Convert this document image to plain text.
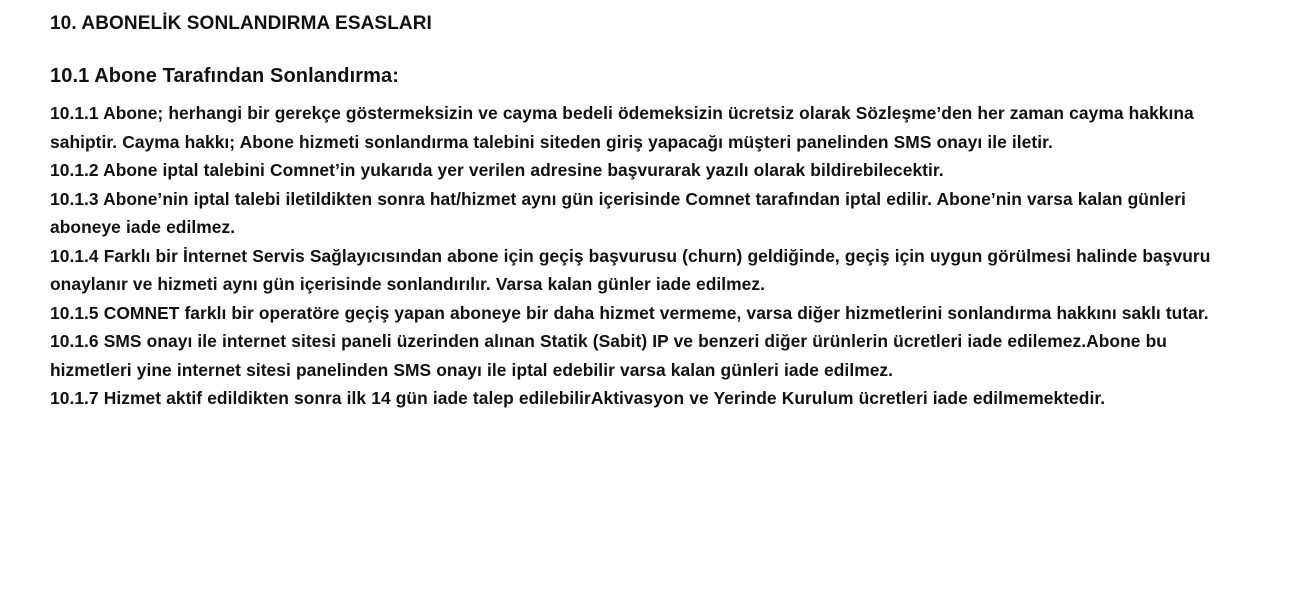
10. ABONELİK SONLANDIRMA ESASLARI
10.1 Abone Tarafından Sonlandırma:

10.1.1 Abone; herhangi bir gerekçe göstermeksizin ve cayma bedeli ödemeksizin ücretsiz olarak Sözleşme’den her zaman cayma hakkına sahiptir. Cayma hakkı; Abone hizmeti sonlandırma talebini siteden giriş yapacağı müşteri panelinden SMS onayı ile iletir.

10.1.2 Abone iptal talebini Comnet’in yukarıda yer verilen adresine başvurarak yazılı olarak bildirebilecektir.

10.1.3 Abone’nin iptal talebi iletildikten sonra hat/hizmet aynı gün içerisinde Comnet tarafından iptal edilir. Abone’nin varsa kalan günleri aboneye iade edilmez.

10.1.4 Farklı bir İnternet Servis Sağlayıcısından abone için geçiş başvurusu (churn) geldiğinde, geçiş için uygun görülmesi halinde başvuru onaylanır ve hizmeti aynı gün içerisinde sonlandırılır. Varsa kalan günler iade edilmez.

10.1.5 COMNET farklı bir operatöre geçiş yapan aboneye bir daha hizmet vermeme, varsa diğer hizmetlerini sonlandırma hakkını saklı tutar.

10.1.6 SMS onayı ile internet sitesi paneli üzerinden alınan Statik (Sabit) IP ve benzeri diğer ürünlerin ücretleri iade edilemez.Abone bu hizmetleri yine internet sitesi panelinden SMS onayı ile iptal edebilir varsa kalan günleri iade edilmez.

10.1.7 Hizmet aktif edildikten sonra ilk 14 gün iade talep edilebilirAktivasyon ve Yerinde Kurulum ücretleri iade edilmemektedir.
